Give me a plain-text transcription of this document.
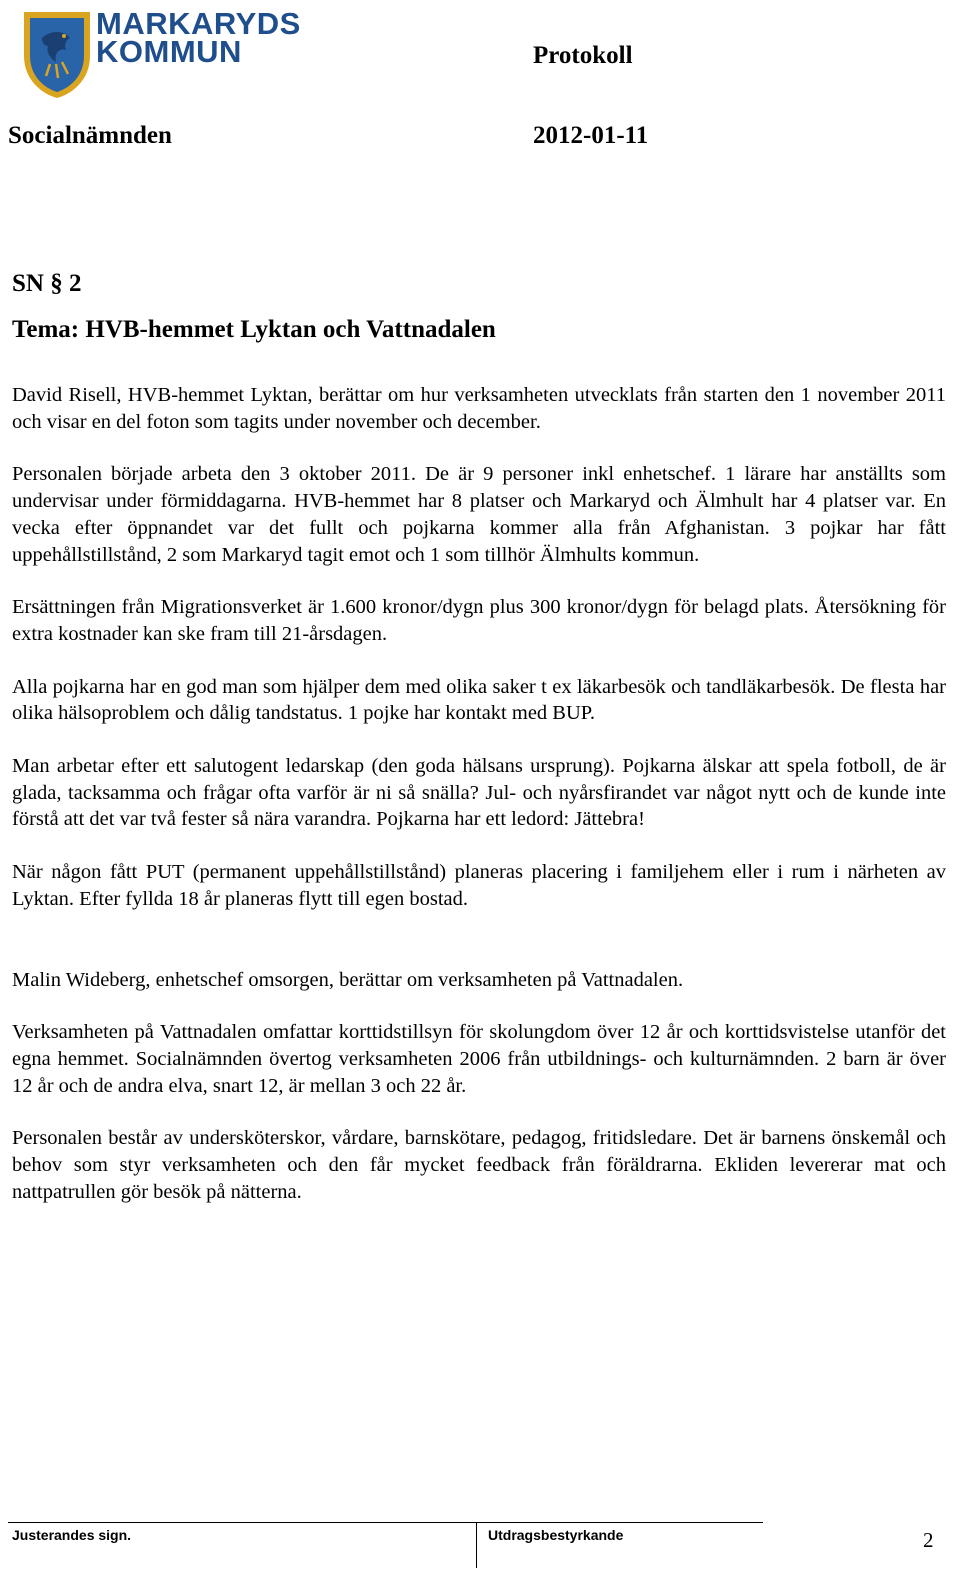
MARKARYDS
KOMMUN	Protokoll
Socialnämnden	2012-01-11
SN § 2
Tema: HVB-hemmet Lyktan och Vattnadalen

David Risell, HVB-hemmet Lyktan, berättar om hur verksamheten utvecklats från starten den 1 november 2011 och visar en del foton som tagits under november och december.

Personalen började arbeta den 3 oktober 2011. De är 9 personer inkl enhetschef. 1 lärare har anställts som undervisar under förmiddagarna. HVB-hemmet har 8 platser och Markaryd och Älmhult har 4 platser var. En vecka efter öppnandet var det fullt och pojkarna kommer alla från Afghanistan. 3 pojkar har fått uppehållstillstånd, 2 som Markaryd tagit emot och 1 som tillhör Älmhults kommun.

Ersättningen från Migrationsverket är 1.600 kronor/dygn plus 300 kronor/dygn för belagd plats. Återsökning för extra kostnader kan ske fram till 21-årsdagen.

Alla pojkarna har en god man som hjälper dem med olika saker t ex läkarbesök och tandläkarbesök. De flesta har olika hälsoproblem och dålig tandstatus. 1 pojke har kontakt med BUP.

Man arbetar efter ett salutogent ledarskap (den goda hälsans ursprung). Pojkarna älskar att spela fotboll, de är glada, tacksamma och frågar ofta varför är ni så snälla? Jul- och nyårsfirandet var något nytt och de kunde inte förstå att det var två fester så nära varandra. Pojkarna har ett ledord: Jättebra!

När någon fått PUT (permanent uppehållstillstånd) planeras placering i familjehem eller i rum i närheten av Lyktan. Efter fyllda 18 år planeras flytt till egen bostad.

Malin Wideberg, enhetschef omsorgen, berättar om verksamheten på Vattnadalen.

Verksamheten på Vattnadalen omfattar korttidstillsyn för skolungdom över 12 år och korttidsvistelse utanför det egna hemmet. Socialnämnden övertog verksamheten 2006 från utbildnings- och kulturnämnden. 2 barn är över 12 år och de andra elva, snart 12, är mellan 3 och 22 år.

Personalen består av undersköterskor, vårdare, barnskötare, pedagog, fritidsledare. Det är barnens önskemål och behov som styr verksamheten och den får mycket feedback från föräldrarna. Ekliden levererar mat och nattpatrullen gör besök på nätterna.

Justerandes sign.	Utdragsbestyrkande	2
